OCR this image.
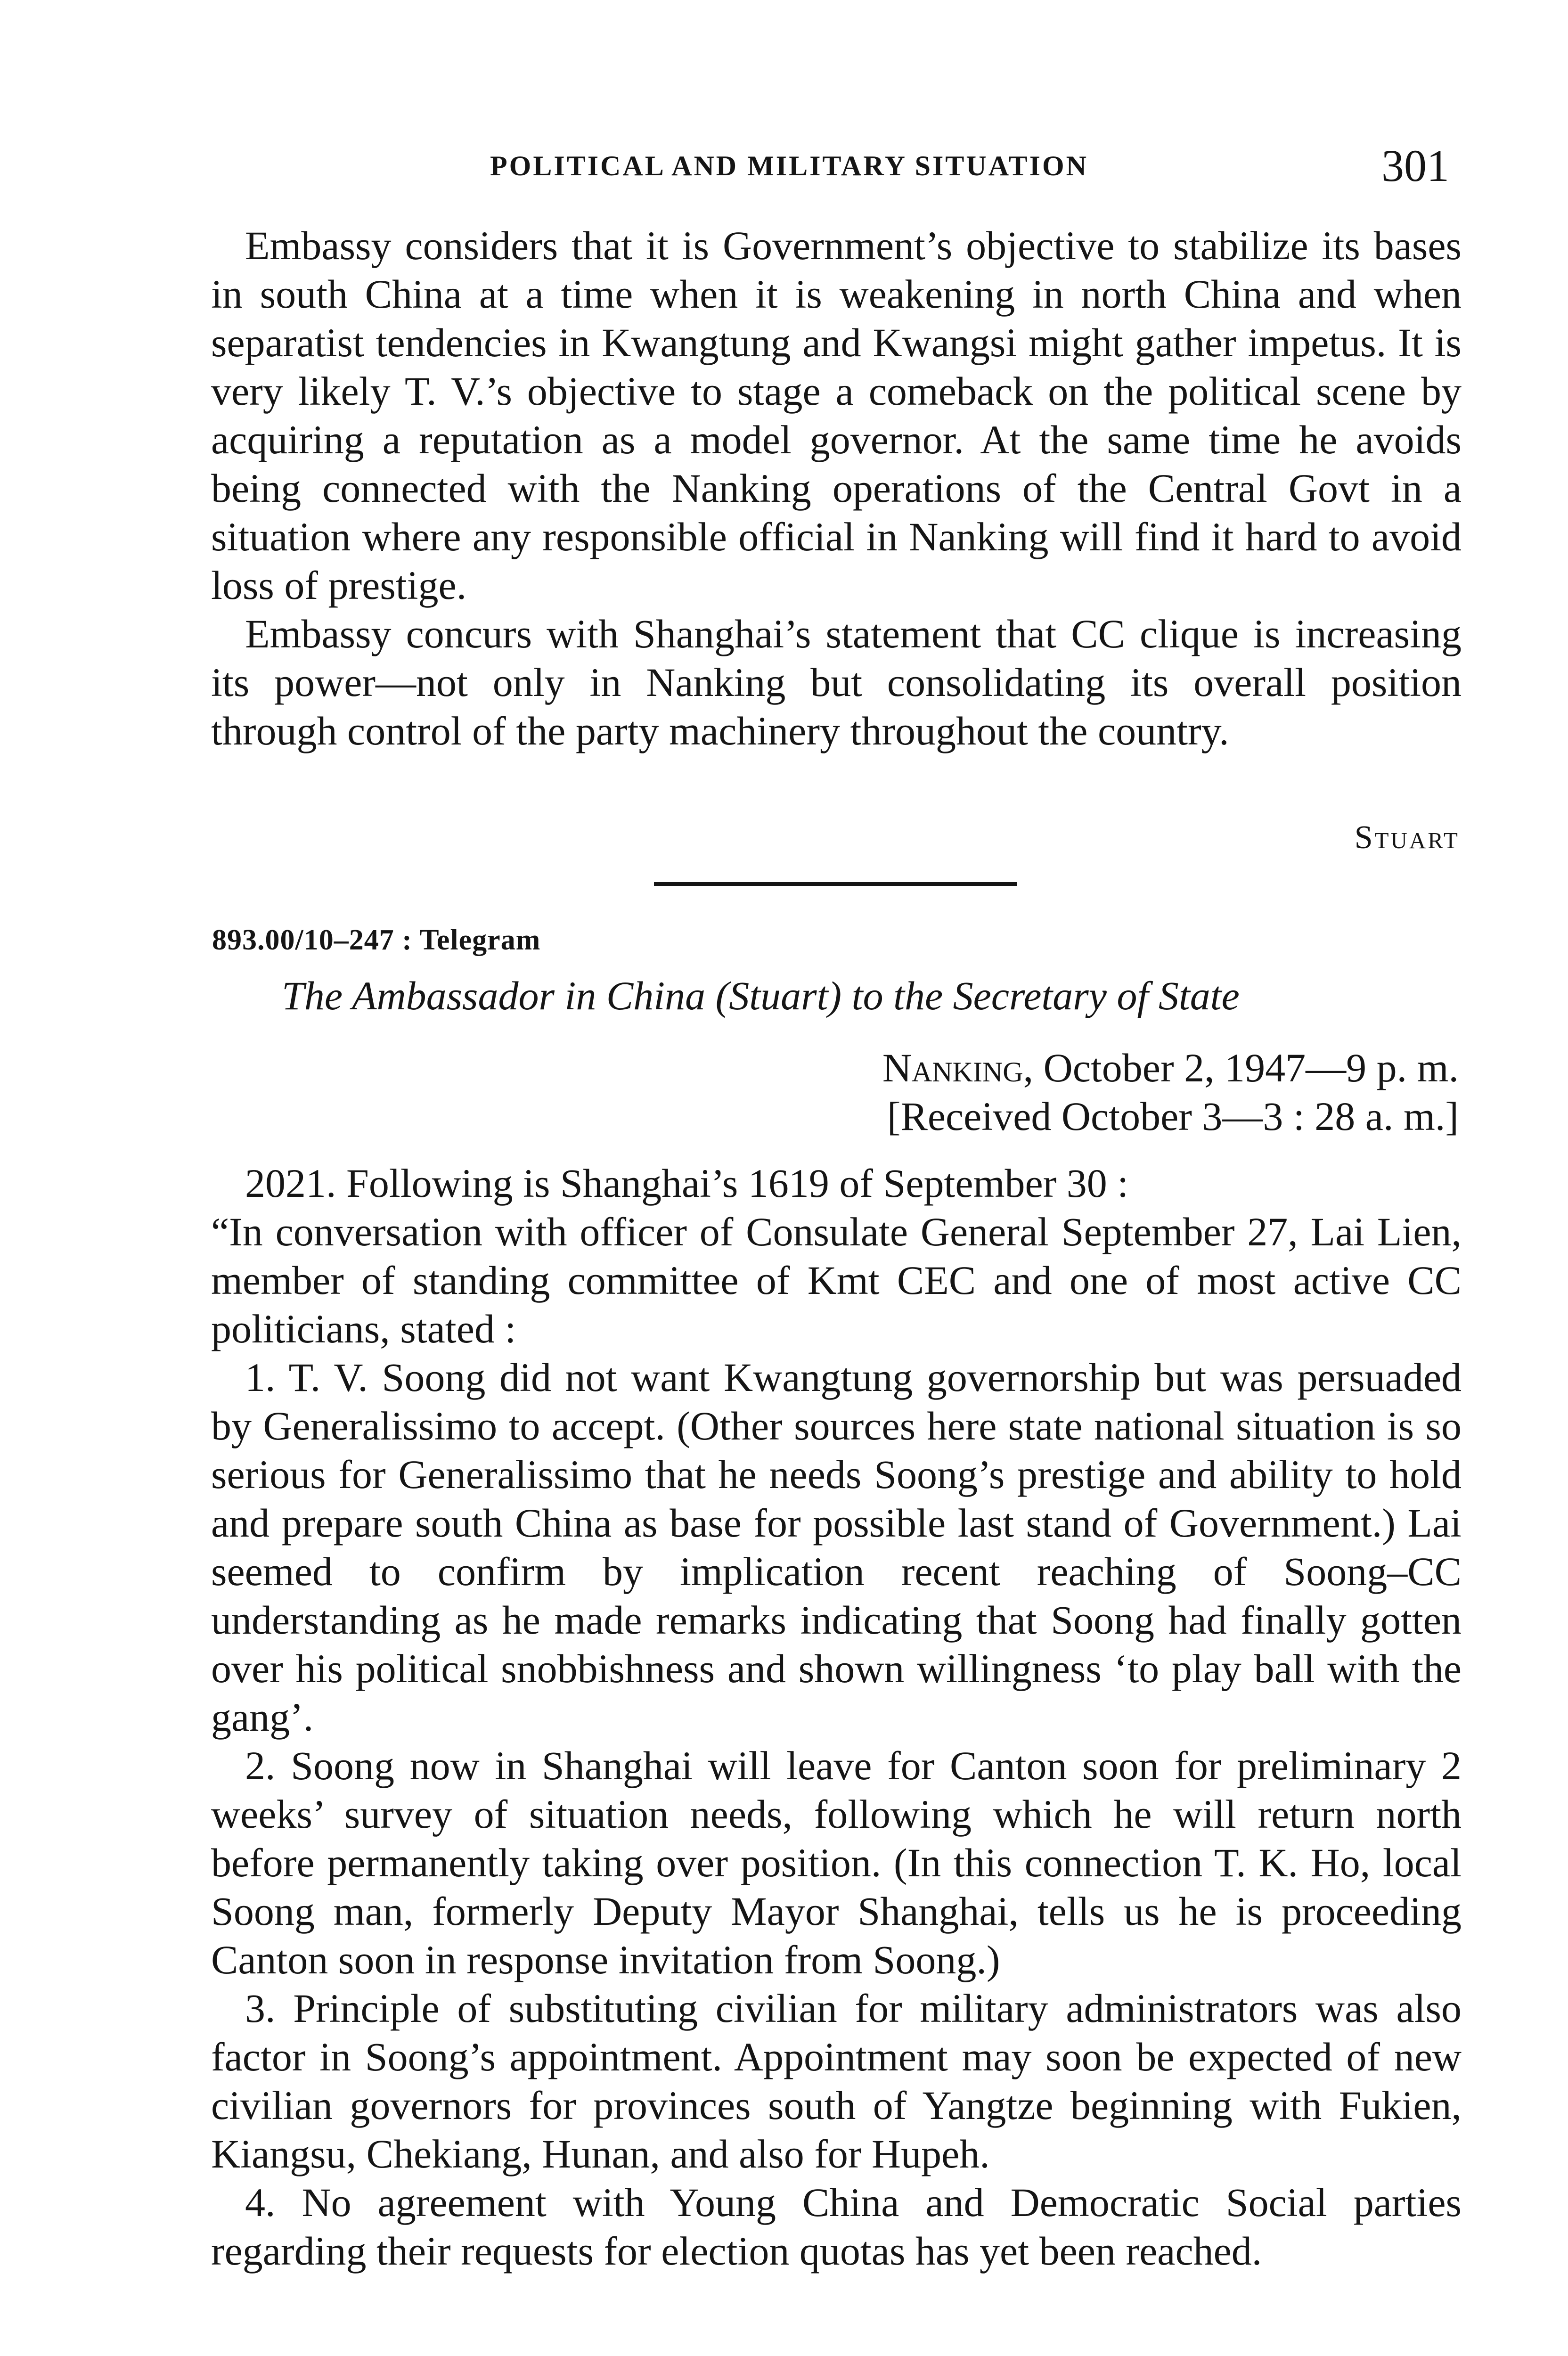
POLITICAL AND MILITARY SITUATION	301

Embassy considers that it is Government’s objective to stabilize its bases in south China at a time when it is weakening in north China and when separatist tendencies in Kwangtung and Kwangsi might gather impetus. It is very likely T. V.’s objective to stage a comeback on the political scene by acquiring a reputation as a model governor. At the same time he avoids being connected with the Nanking operations of the Central Govt in a situation where any responsible official in Nanking will find it hard to avoid loss of prestige.

Embassy concurs with Shanghai’s statement that CC clique is increasing its power—not only in Nanking but consolidating its overall position through control of the party machinery throughout the country.

Stuart
893.00/10–247 : Telegram
The Ambassador in China (Stuart) to the Secretary of State
Nanking, October 2, 1947—9 p. m.
[Received October 3—3 : 28 a. m.]

2021. Following is Shanghai’s 1619 of September 30 :

“In conversation with officer of Consulate General September 27, Lai Lien, member of standing committee of Kmt CEC and one of most active CC politicians, stated :

1. T. V. Soong did not want Kwangtung governorship but was persuaded by Generalissimo to accept. (Other sources here state national situation is so serious for Generalissimo that he needs Soong’s prestige and ability to hold and prepare south China as base for possible last stand of Government.) Lai seemed to confirm by implication recent reaching of Soong–CC understanding as he made remarks indicating that Soong had finally gotten over his political snobbishness and shown willingness ‘to play ball with the gang’.

2. Soong now in Shanghai will leave for Canton soon for preliminary 2 weeks’ survey of situation needs, following which he will return north before permanently taking over position. (In this connection T. K. Ho, local Soong man, formerly Deputy Mayor Shanghai, tells us he is proceeding Canton soon in response invitation from Soong.)

3. Principle of substituting civilian for military administrators was also factor in Soong’s appointment. Appointment may soon be expected of new civilian governors for provinces south of Yangtze beginning with Fukien, Kiangsu, Chekiang, Hunan, and also for Hupeh.

4. No agreement with Young China and Democratic Social parties regarding their requests for election quotas has yet been reached.
